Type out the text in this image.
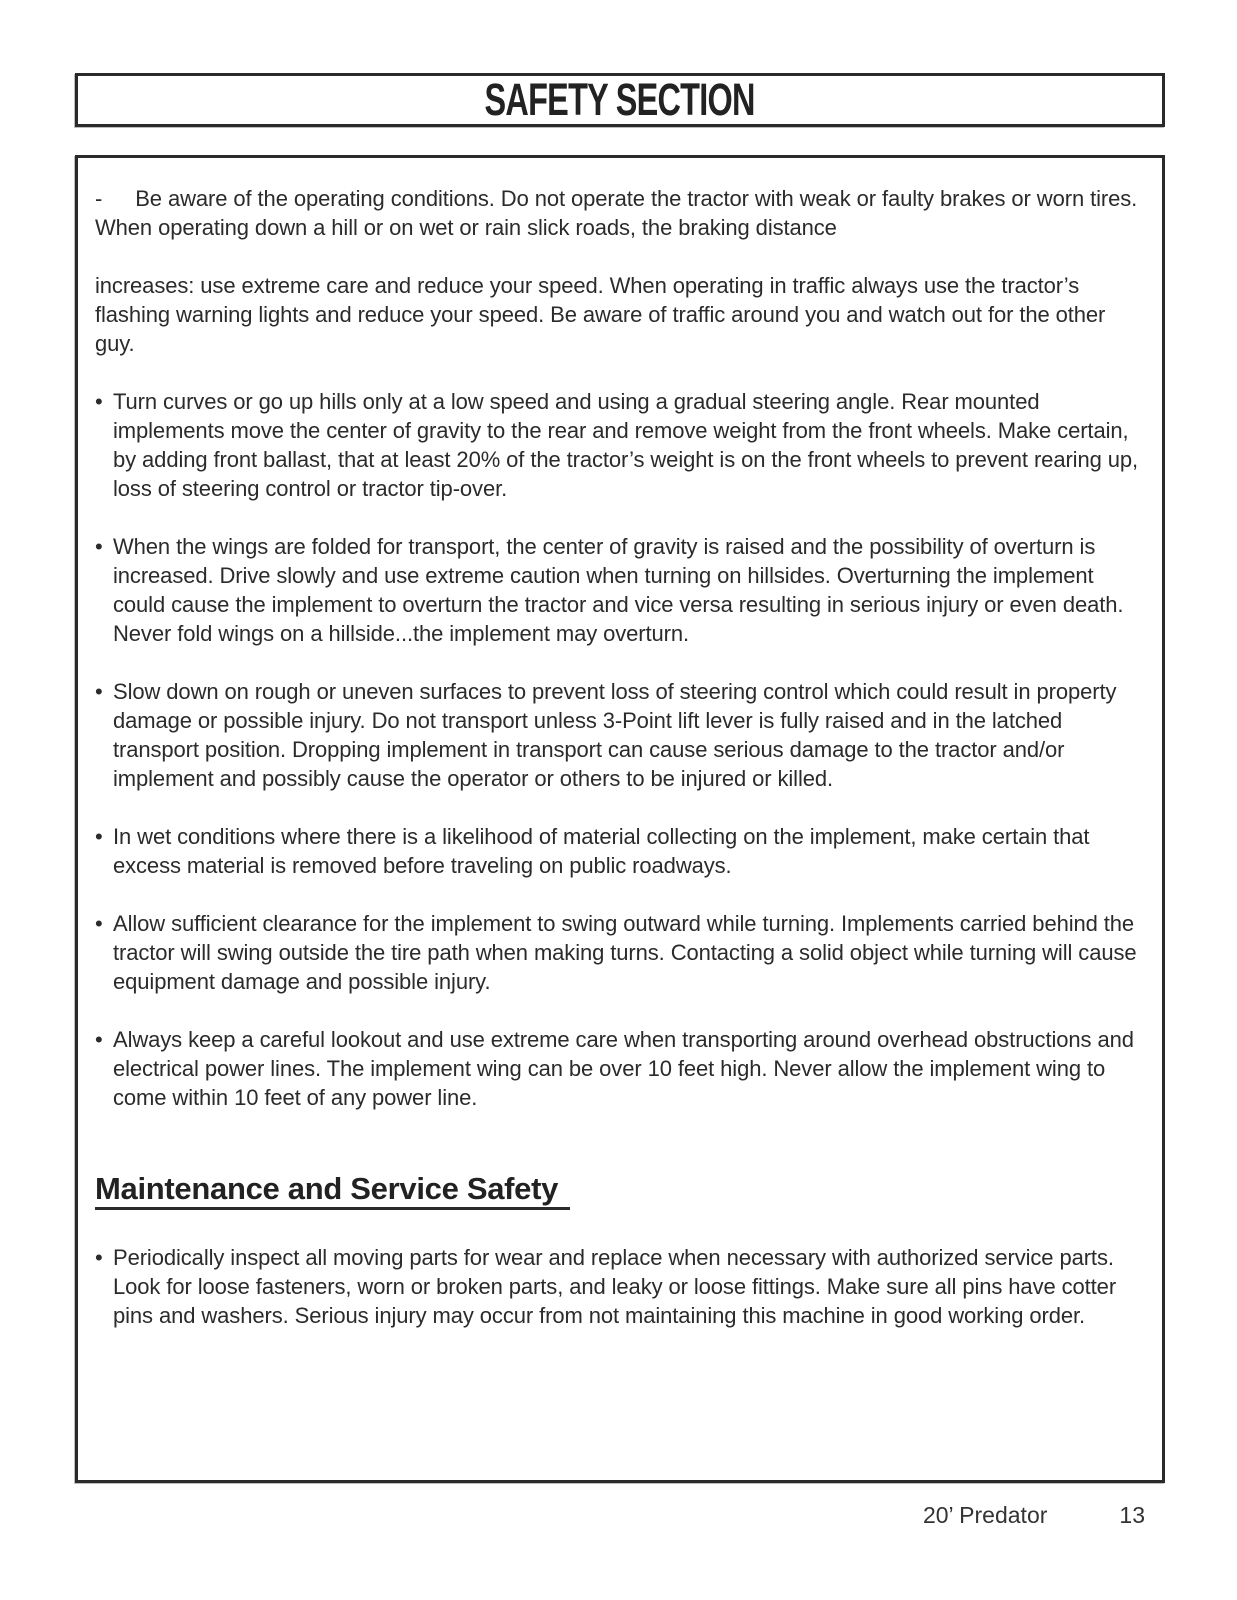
SAFETY SECTION

- Be aware of the operating conditions. Do not operate the tractor with weak or faulty brakes or worn tires. When operating down a hill or on wet or rain slick roads, the braking distance

increases: use extreme care and reduce your speed. When operating in traffic always use the tractor’s flashing warning lights and reduce your speed. Be aware of traffic around you and watch out for the other guy.

• Turn curves or go up hills only at a low speed and using a gradual steering angle. Rear mounted implements move the center of gravity to the rear and remove weight from the front wheels. Make certain, by adding front ballast, that at least 20% of the tractor’s weight is on the front wheels to prevent rearing up, loss of steering control or tractor tip-over.
• When the wings are folded for transport, the center of gravity is raised and the possibility of overturn is increased. Drive slowly and use extreme caution when turning on hillsides. Overturning the implement could cause the implement to overturn the tractor and vice versa resulting in serious injury or even death. Never fold wings on a hillside...the implement may overturn.
• Slow down on rough or uneven surfaces to prevent loss of steering control which could result in property damage or possible injury. Do not transport unless 3-Point lift lever is fully raised and in the latched transport position. Dropping implement in transport can cause serious damage to the tractor and/or implement and possibly cause the operator or others to be injured or killed.
• In wet conditions where there is a likelihood of material collecting on the implement, make certain that excess material is removed before traveling on public roadways.
• Allow sufficient clearance for the implement to swing outward while turning. Implements carried behind the tractor will swing outside the tire path when making turns. Contacting a solid object while turning will cause equipment damage and possible injury.
• Always keep a careful lookout and use extreme care when transporting around overhead obstructions and electrical power lines. The implement wing can be over 10 feet high. Never allow the implement wing to come within 10 feet of any power line.
Maintenance and Service Safety
• Periodically inspect all moving parts for wear and replace when necessary with authorized service parts. Look for loose fasteners, worn or broken parts, and leaky or loose fittings. Make sure all pins have cotter pins and washers. Serious injury may occur from not maintaining this machine in good working order.
20’ Predator	13
